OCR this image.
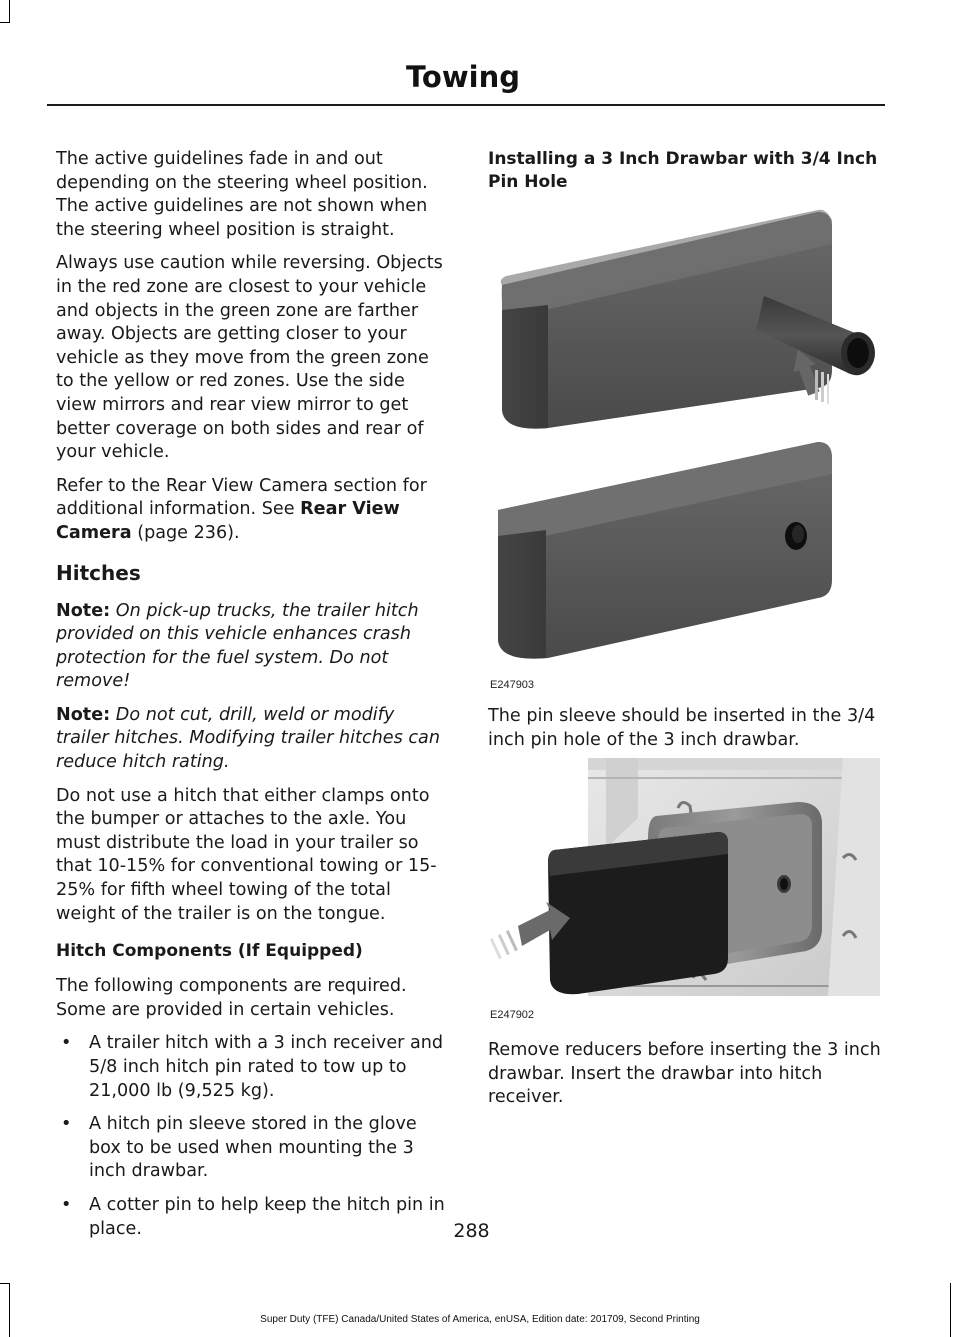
Towing

The active guidelines fade in and out depending on the steering wheel position. The active guidelines are not shown when the steering wheel position is straight.

Always use caution while reversing. Objects in the red zone are closest to your vehicle and objects in the green zone are farther away. Objects are getting closer to your vehicle as they move from the green zone to the yellow or red zones. Use the side view mirrors and rear view mirror to get better coverage on both sides and rear of your vehicle.

Refer to the Rear View Camera section for additional information. See Rear View Camera (page 236).

Hitches

Note: On pick-up trucks, the trailer hitch provided on this vehicle enhances crash protection for the fuel system. Do not remove!

Note: Do not cut, drill, weld or modify trailer hitches. Modifying trailer hitches can reduce hitch rating.

Do not use a hitch that either clamps onto the bumper or attaches to the axle. You must distribute the load in your trailer so that 10-15% for conventional towing or 15-25% for fifth wheel towing of the total weight of the trailer is on the tongue.

Hitch Components (If Equipped)

The following components are required. Some are provided in certain vehicles.

• A trailer hitch with a 3 inch receiver and 5/8 inch hitch pin rated to tow up to 21,000 lb (9,525 kg).
• A hitch pin sleeve stored in the glove box to be used when mounting the 3 inch drawbar.
• A cotter pin to help keep the hitch pin in place.
Installing a 3 Inch Drawbar with 3/4 Inch Pin Hole
E247903

The pin sleeve should be inserted in the 3/4 inch pin hole of the 3 inch drawbar.

E247902

Remove reducers before inserting the 3 inch drawbar. Insert the drawbar into hitch receiver.

288
Super Duty (TFE) Canada/United States of America, enUSA, Edition date: 201709, Second Printing
